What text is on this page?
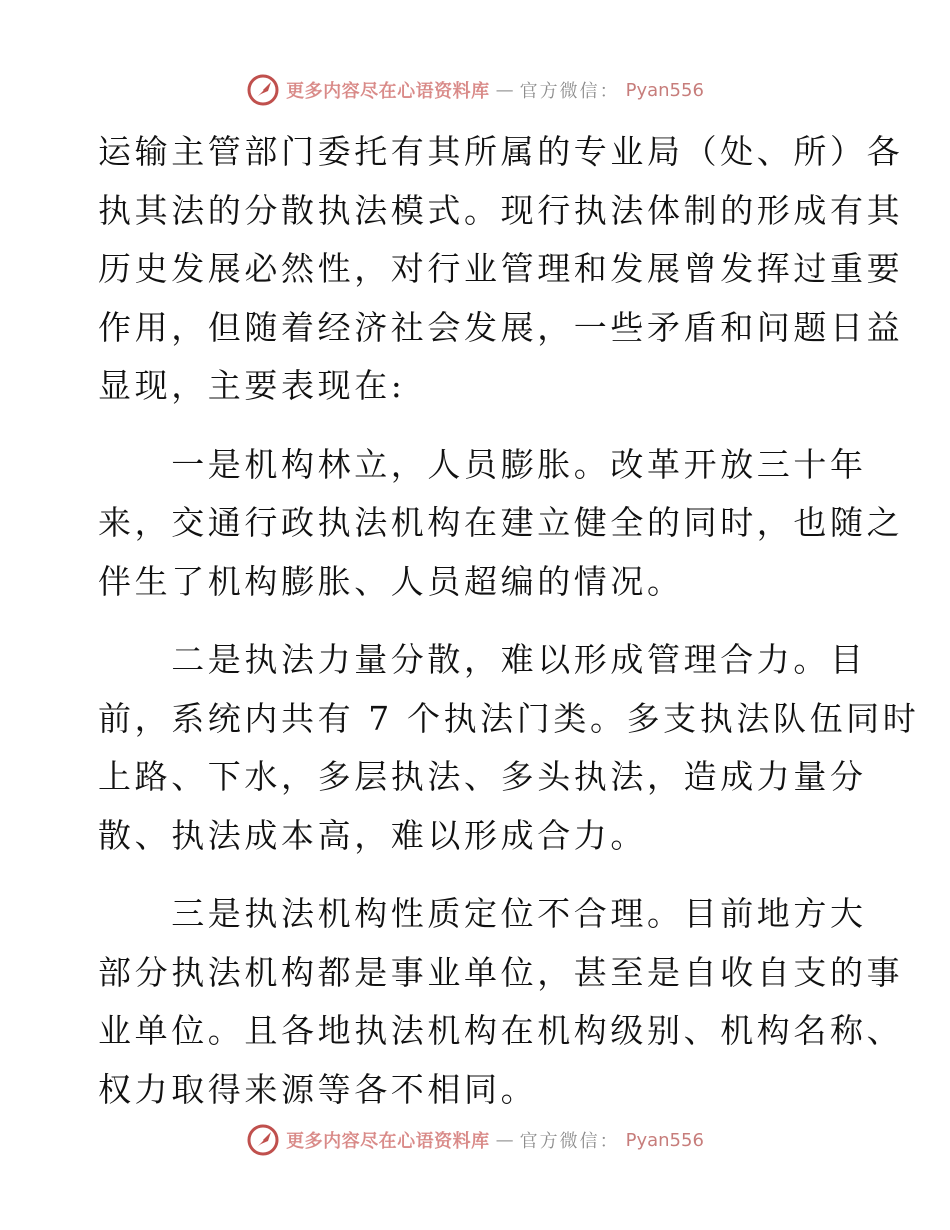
更多内容尽在心语资料库 — 官方微信： Pyan556
运输主管部门委托有其所属的专业局（处、所）各
执其法的分散执法模式。现行执法体制的形成有其
历史发展必然性，对行业管理和发展曾发挥过重要
作用，但随着经济社会发展，一些矛盾和问题日益
显现，主要表现在:
　　一是机构林立，人员膨胀。改革开放三十年
来，交通行政执法机构在建立健全的同时，也随之
伴生了机构膨胀、人员超编的情况。
　　二是执法力量分散，难以形成管理合力。目
前，系统内共有 7 个执法门类。多支执法队伍同时
上路、下水，多层执法、多头执法，造成力量分
散、执法成本高，难以形成合力。
　　三是执法机构性质定位不合理。目前地方大
部分执法机构都是事业单位，甚至是自收自支的事
业单位。且各地执法机构在机构级别、机构名称、
权力取得来源等各不相同。
更多内容尽在心语资料库 — 官方微信： Pyan556
